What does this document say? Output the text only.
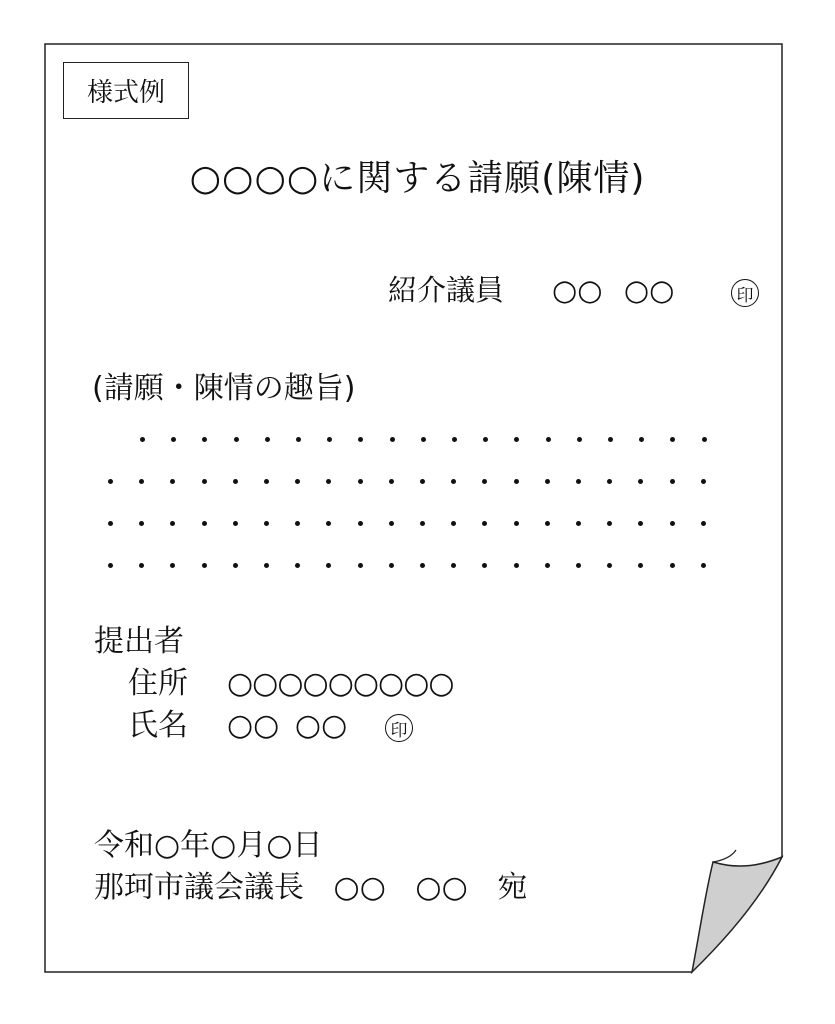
様式例
○○○○に関する請願(陳情)
紹介議員 ○○ ○○	印
(請願・陳情の趣旨)
提出者
住所 ○○○○○○○○○
氏名 ○○ ○○	印
令和○年○月○日
那珂市議会議長 ○○ ○○ 宛
